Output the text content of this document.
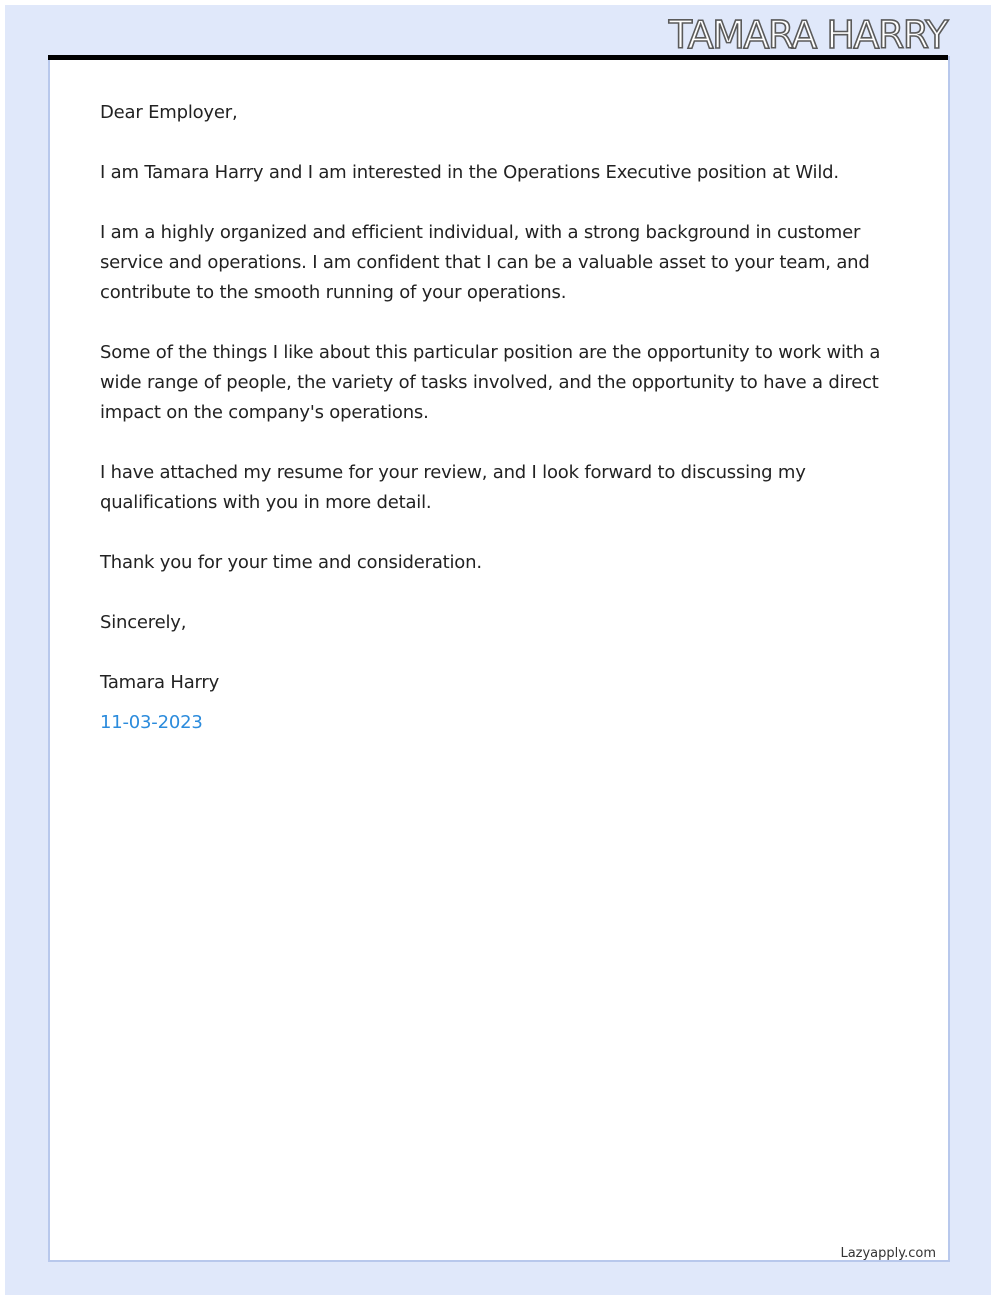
TAMARA HARRY

Dear Employer,

I am Tamara Harry and I am interested in the Operations Executive position at Wild.

I am a highly organized and efficient individual, with a strong background in customer service and operations. I am confident that I can be a valuable asset to your team, and contribute to the smooth running of your operations.

Some of the things I like about this particular position are the opportunity to work with a wide range of people, the variety of tasks involved, and the opportunity to have a direct impact on the company's operations.

I have attached my resume for your review, and I look forward to discussing my qualifications with you in more detail.

Thank you for your time and consideration.

Sincerely,

Tamara Harry

11-03-2023

Lazyapply.com
